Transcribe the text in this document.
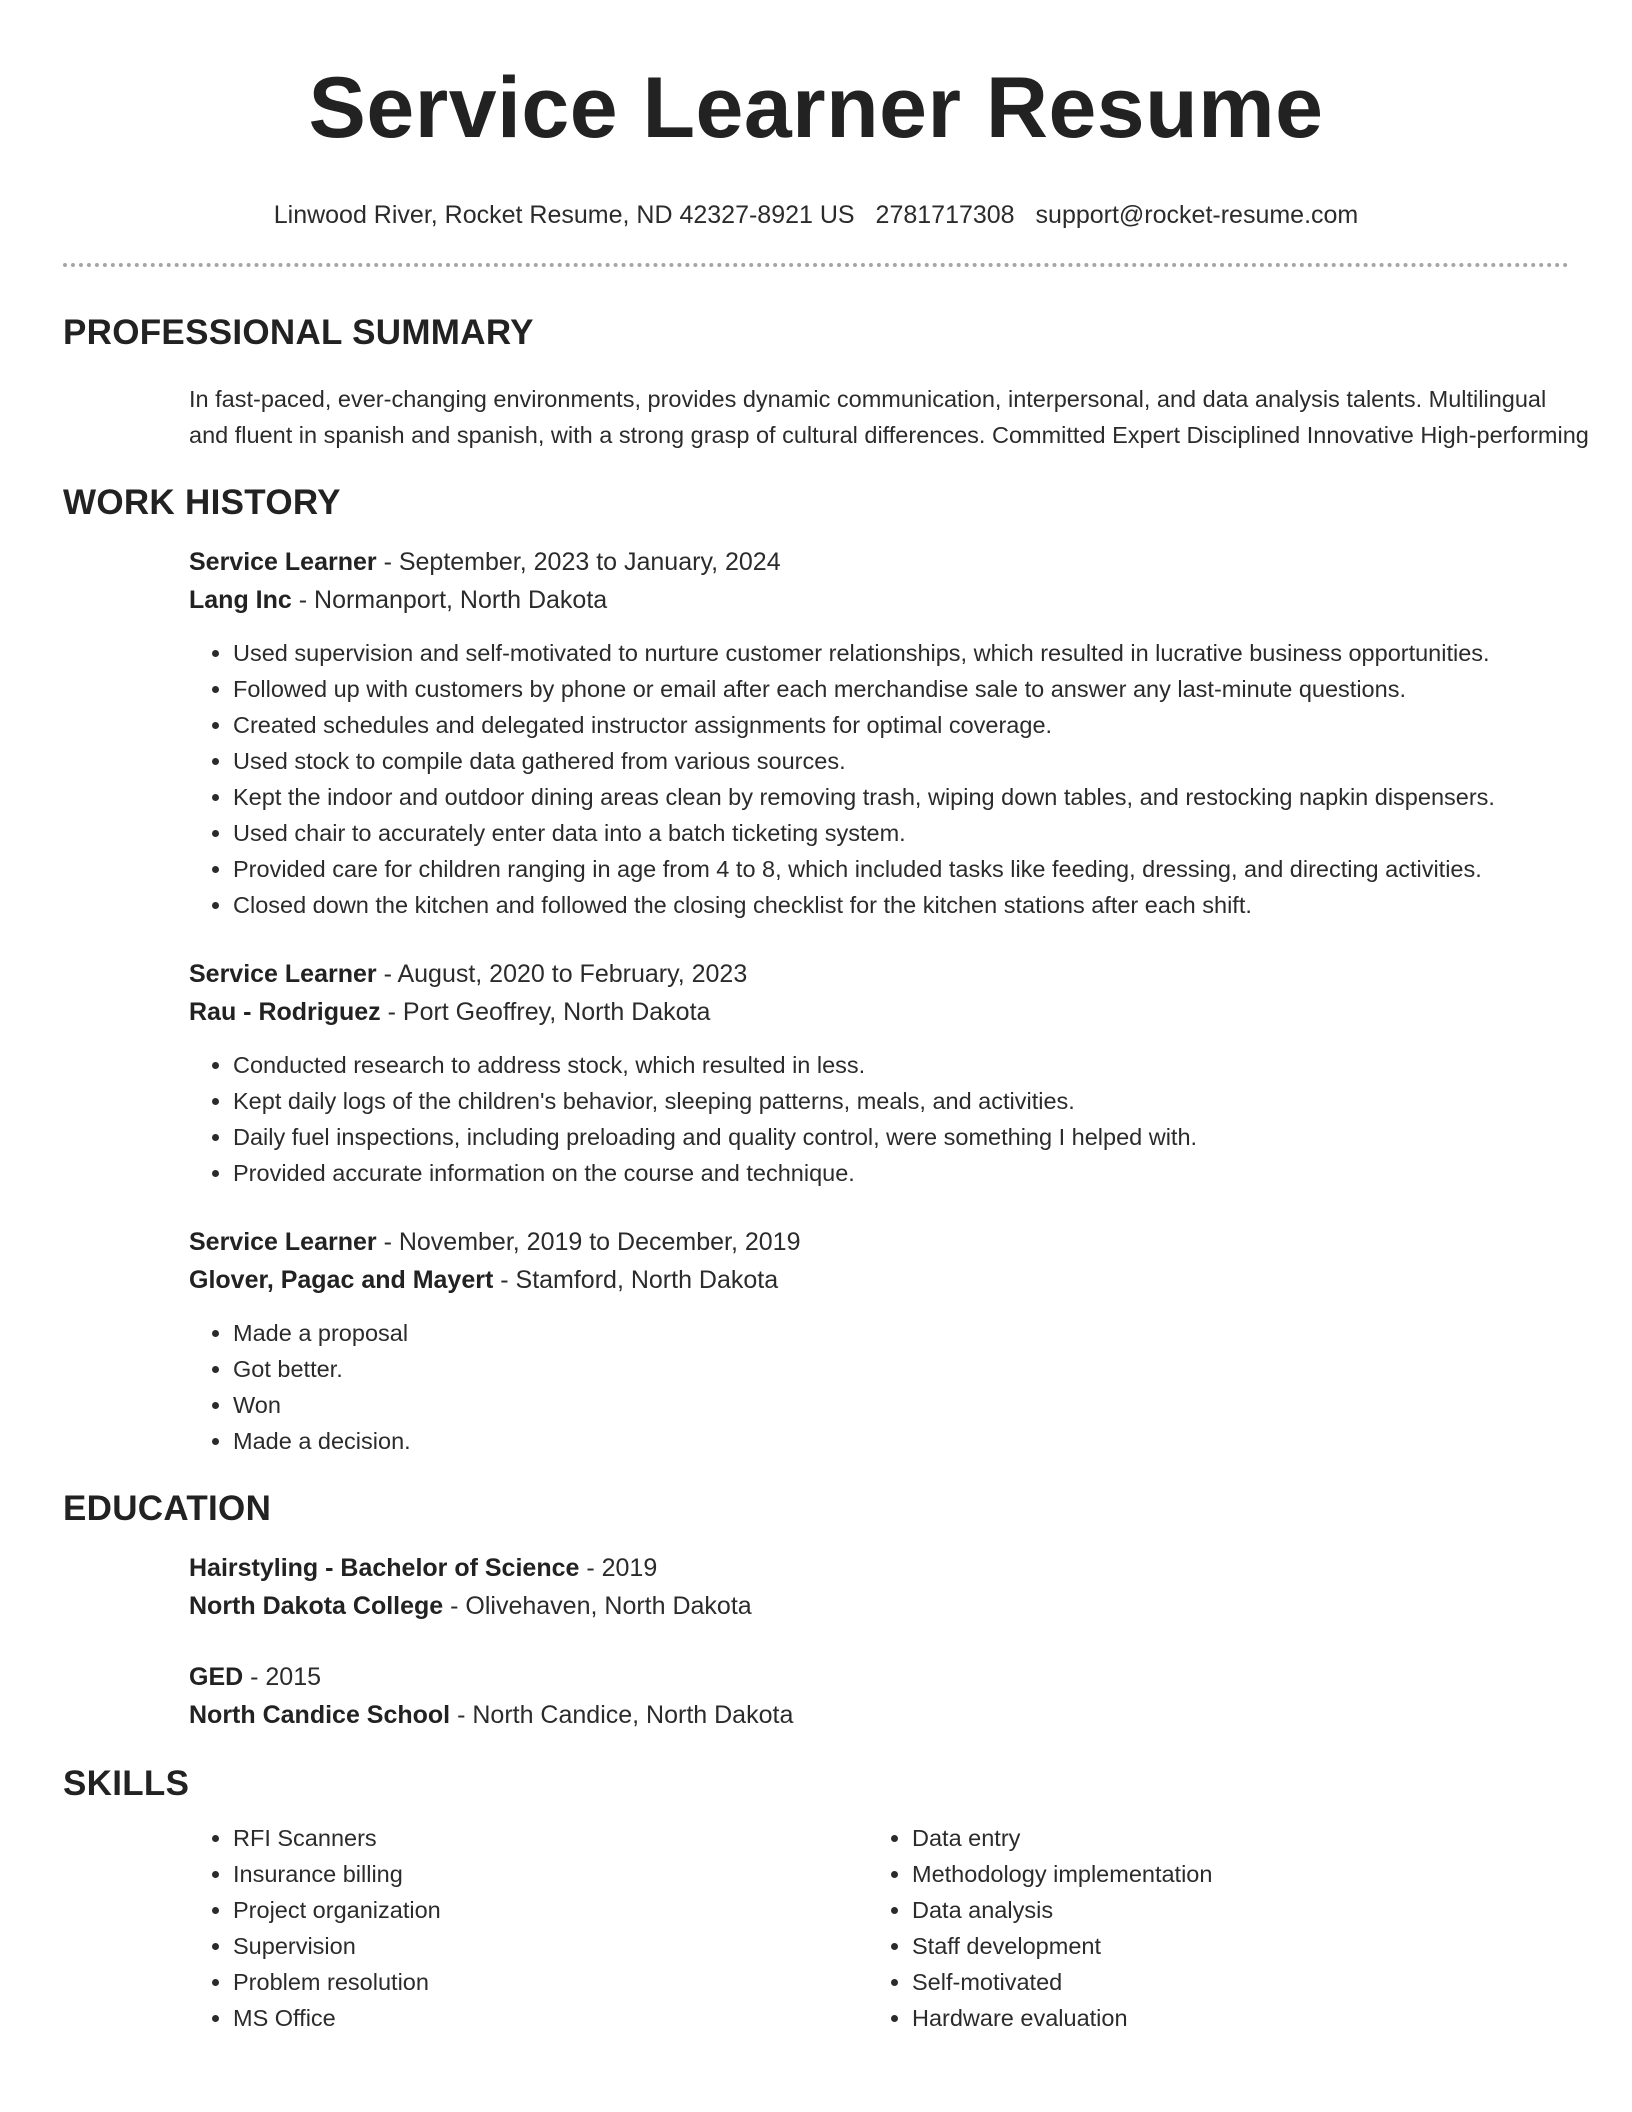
Service Learner Resume
Linwood River, Rocket Resume, ND 42327-8921 US 2781717308 support@rocket-resume.com
PROFESSIONAL SUMMARY
In fast-paced, ever-changing environments, provides dynamic communication, interpersonal, and data analysis talents. Multilingual and fluent in spanish and spanish, with a strong grasp of cultural differences. Committed Expert Disciplined Innovative High-performing
WORK HISTORY
Service Learner - September, 2023 to January, 2024
Lang Inc - Normanport, North Dakota
• Used supervision and self-motivated to nurture customer relationships, which resulted in lucrative business opportunities.
• Followed up with customers by phone or email after each merchandise sale to answer any last-minute questions.
• Created schedules and delegated instructor assignments for optimal coverage.
• Used stock to compile data gathered from various sources.
• Kept the indoor and outdoor dining areas clean by removing trash, wiping down tables, and restocking napkin dispensers.
• Used chair to accurately enter data into a batch ticketing system.
• Provided care for children ranging in age from 4 to 8, which included tasks like feeding, dressing, and directing activities.
• Closed down the kitchen and followed the closing checklist for the kitchen stations after each shift.
Service Learner - August, 2020 to February, 2023
Rau - Rodriguez - Port Geoffrey, North Dakota
• Conducted research to address stock, which resulted in less.
• Kept daily logs of the children's behavior, sleeping patterns, meals, and activities.
• Daily fuel inspections, including preloading and quality control, were something I helped with.
• Provided accurate information on the course and technique.
Service Learner - November, 2019 to December, 2019
Glover, Pagac and Mayert - Stamford, North Dakota
• Made a proposal
• Got better.
• Won
• Made a decision.
EDUCATION
Hairstyling - Bachelor of Science - 2019
North Dakota College - Olivehaven, North Dakota
GED - 2015
North Candice School - North Candice, North Dakota
SKILLS
• RFI Scanners
• Insurance billing
• Project organization
• Supervision
• Problem resolution
• MS Office
• Data entry
• Methodology implementation
• Data analysis
• Staff development
• Self-motivated
• Hardware evaluation
